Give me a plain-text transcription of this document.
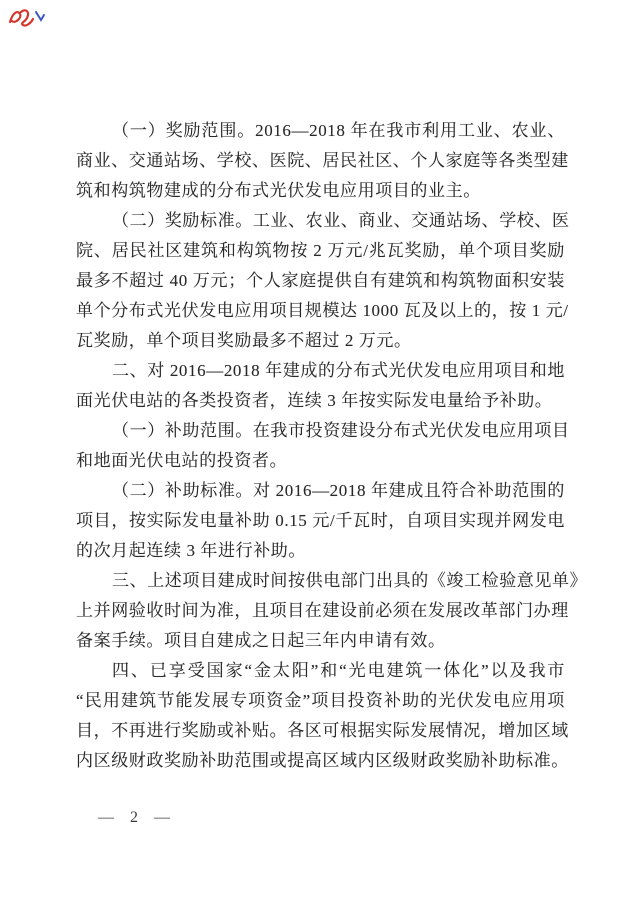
（一）奖励范围。2016—2018 年在我市利用工业、农业、
商业、交通站场、学校、医院、居民社区、个人家庭等各类型建
筑和构筑物建成的分布式光伏发电应用项目的业主。
（二）奖励标准。工业、农业、商业、交通站场、学校、医
院、居民社区建筑和构筑物按 2 万元/兆瓦奖励，单个项目奖励
最多不超过 40 万元；个人家庭提供自有建筑和构筑物面积安装
单个分布式光伏发电应用项目规模达 1000 瓦及以上的，按 1 元/
瓦奖励，单个项目奖励最多不超过 2 万元。
二、对 2016—2018 年建成的分布式光伏发电应用项目和地
面光伏电站的各类投资者，连续 3 年按实际发电量给予补助。
（一）补助范围。在我市投资建设分布式光伏发电应用项目
和地面光伏电站的投资者。
（二）补助标准。对 2016—2018 年建成且符合补助范围的
项目，按实际发电量补助 0.15 元/千瓦时，自项目实现并网发电
的次月起连续 3 年进行补助。
三、上述项目建成时间按供电部门出具的《竣工检验意见单》
上并网验收时间为准，且项目在建设前必须在发展改革部门办理
备案手续。项目自建成之日起三年内申请有效。
四、已享受国家“金太阳”和“光电建筑一体化”以及我市
“民用建筑节能发展专项资金”项目投资补助的光伏发电应用项
目，不再进行奖励或补贴。各区可根据实际发展情况，增加区域
内区级财政奖励补助范围或提高区域内区级财政奖励补助标准。
— 2 —
